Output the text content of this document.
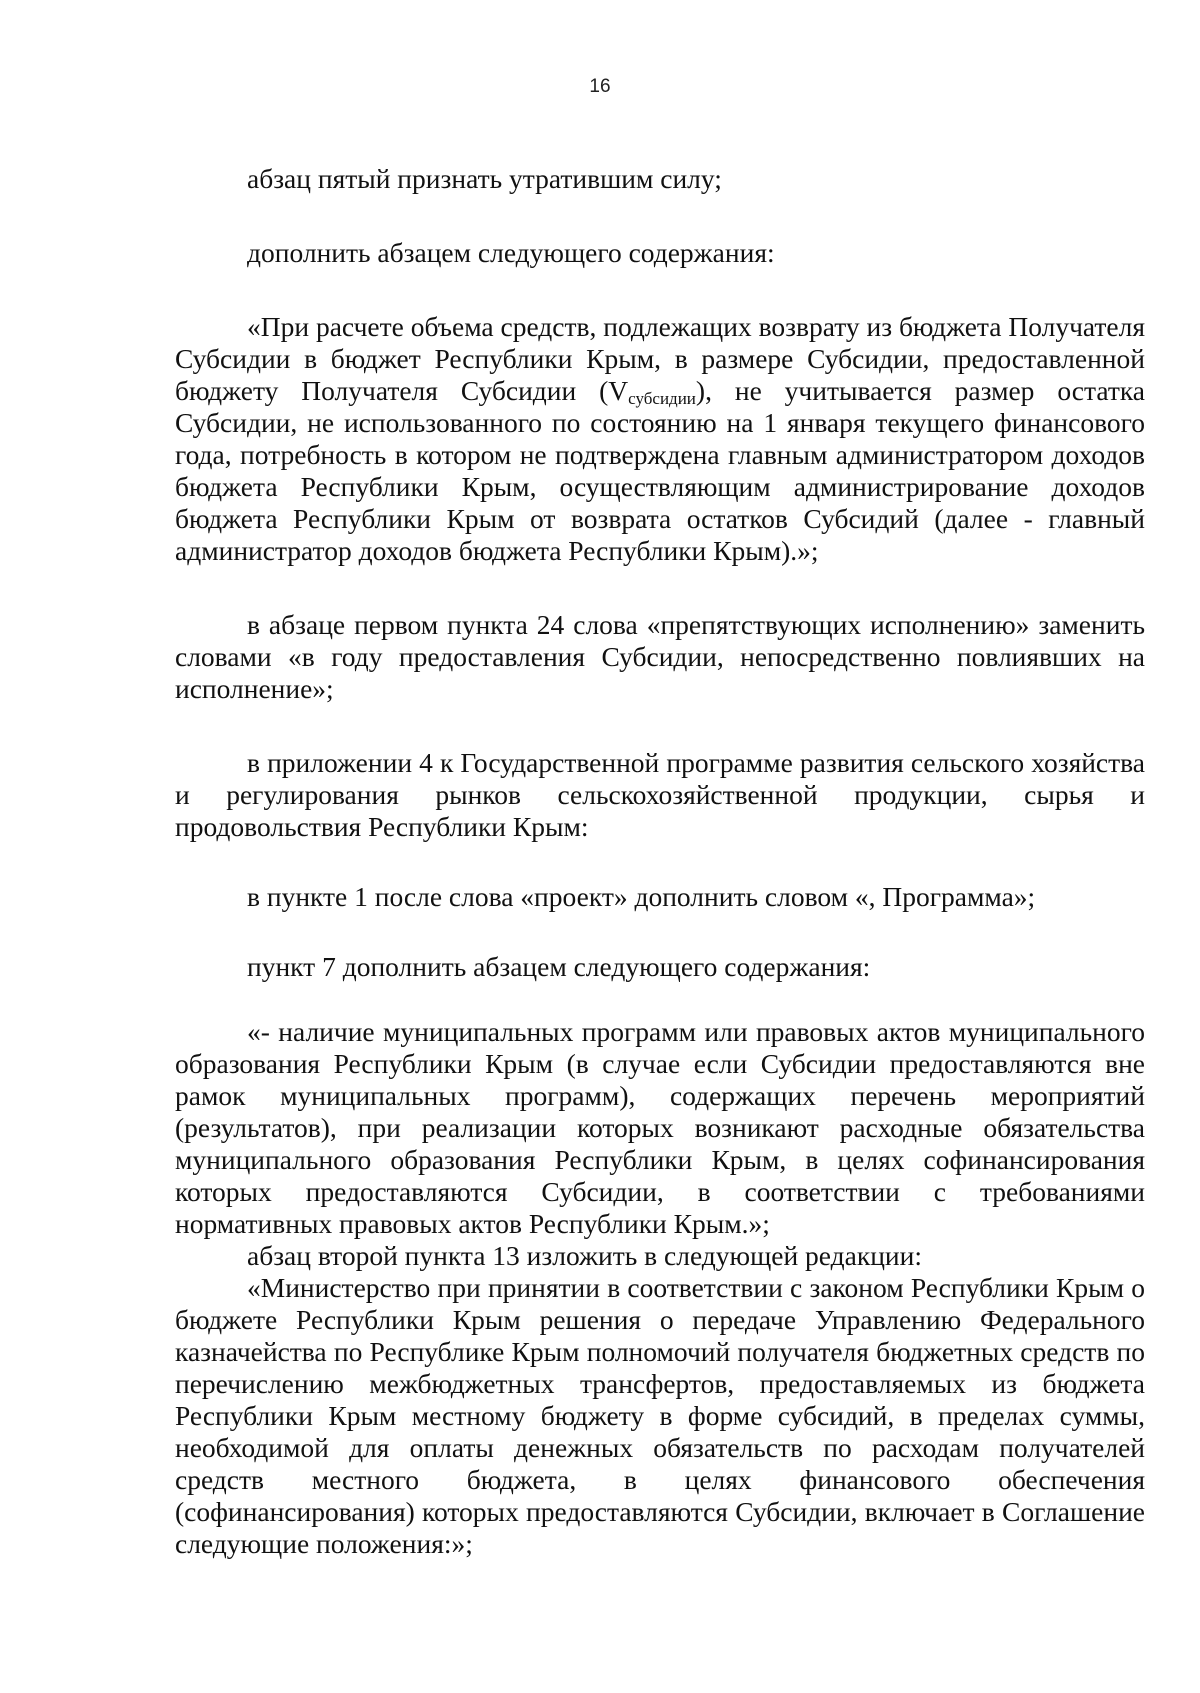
16

абзац пятый признать утратившим силу;

дополнить абзацем следующего содержания:

«При расчете объема средств, подлежащих возврату из бюджета Получателя Субсидии в бюджет Республики Крым, в размере Субсидии, предоставленной бюджету Получателя Субсидии $(V_{субсидии})$, не учитывается размер остатка Субсидии, не использованного по состоянию на 1 января текущего финансового года, потребность в котором не подтверждена главным администратором доходов бюджета Республики Крым, осуществляющим администрирование доходов бюджета Республики Крым от возврата остатков Субсидий (далее - главный администратор доходов бюджета Республики Крым).»;

в абзаце первом пункта 24 слова «препятствующих исполнению» заменить словами «в году предоставления Субсидии, непосредственно повлиявших на исполнение»;

в приложении 4 к Государственной программе развития сельского хозяйства и регулирования рынков сельскохозяйственной продукции, сырья и продовольствия Республики Крым:

в пункте 1 после слова «проект» дополнить словом «, Программа»;

пункт 7 дополнить абзацем следующего содержания:

«- наличие муниципальных программ или правовых актов муниципального образования Республики Крым (в случае если Субсидии предоставляются вне рамок муниципальных программ), содержащих перечень мероприятий (результатов), при реализации которых возникают расходные обязательства муниципального образования Республики Крым, в целях софинансирования которых предоставляются Субсидии, в соответствии с требованиями нормативных правовых актов Республики Крым.»;

абзац второй пункта 13 изложить в следующей редакции:

«Министерство при принятии в соответствии с законом Республики Крым о бюджете Республики Крым решения о передаче Управлению Федерального казначейства по Республике Крым полномочий получателя бюджетных средств по перечислению межбюджетных трансфертов, предоставляемых из бюджета Республики Крым местному бюджету в форме субсидий, в пределах суммы, необходимой для оплаты денежных обязательств по расходам получателей средств местного бюджета, в целях финансового обеспечения (софинансирования) которых предоставляются Субсидии, включает в Соглашение следующие положения:»;
